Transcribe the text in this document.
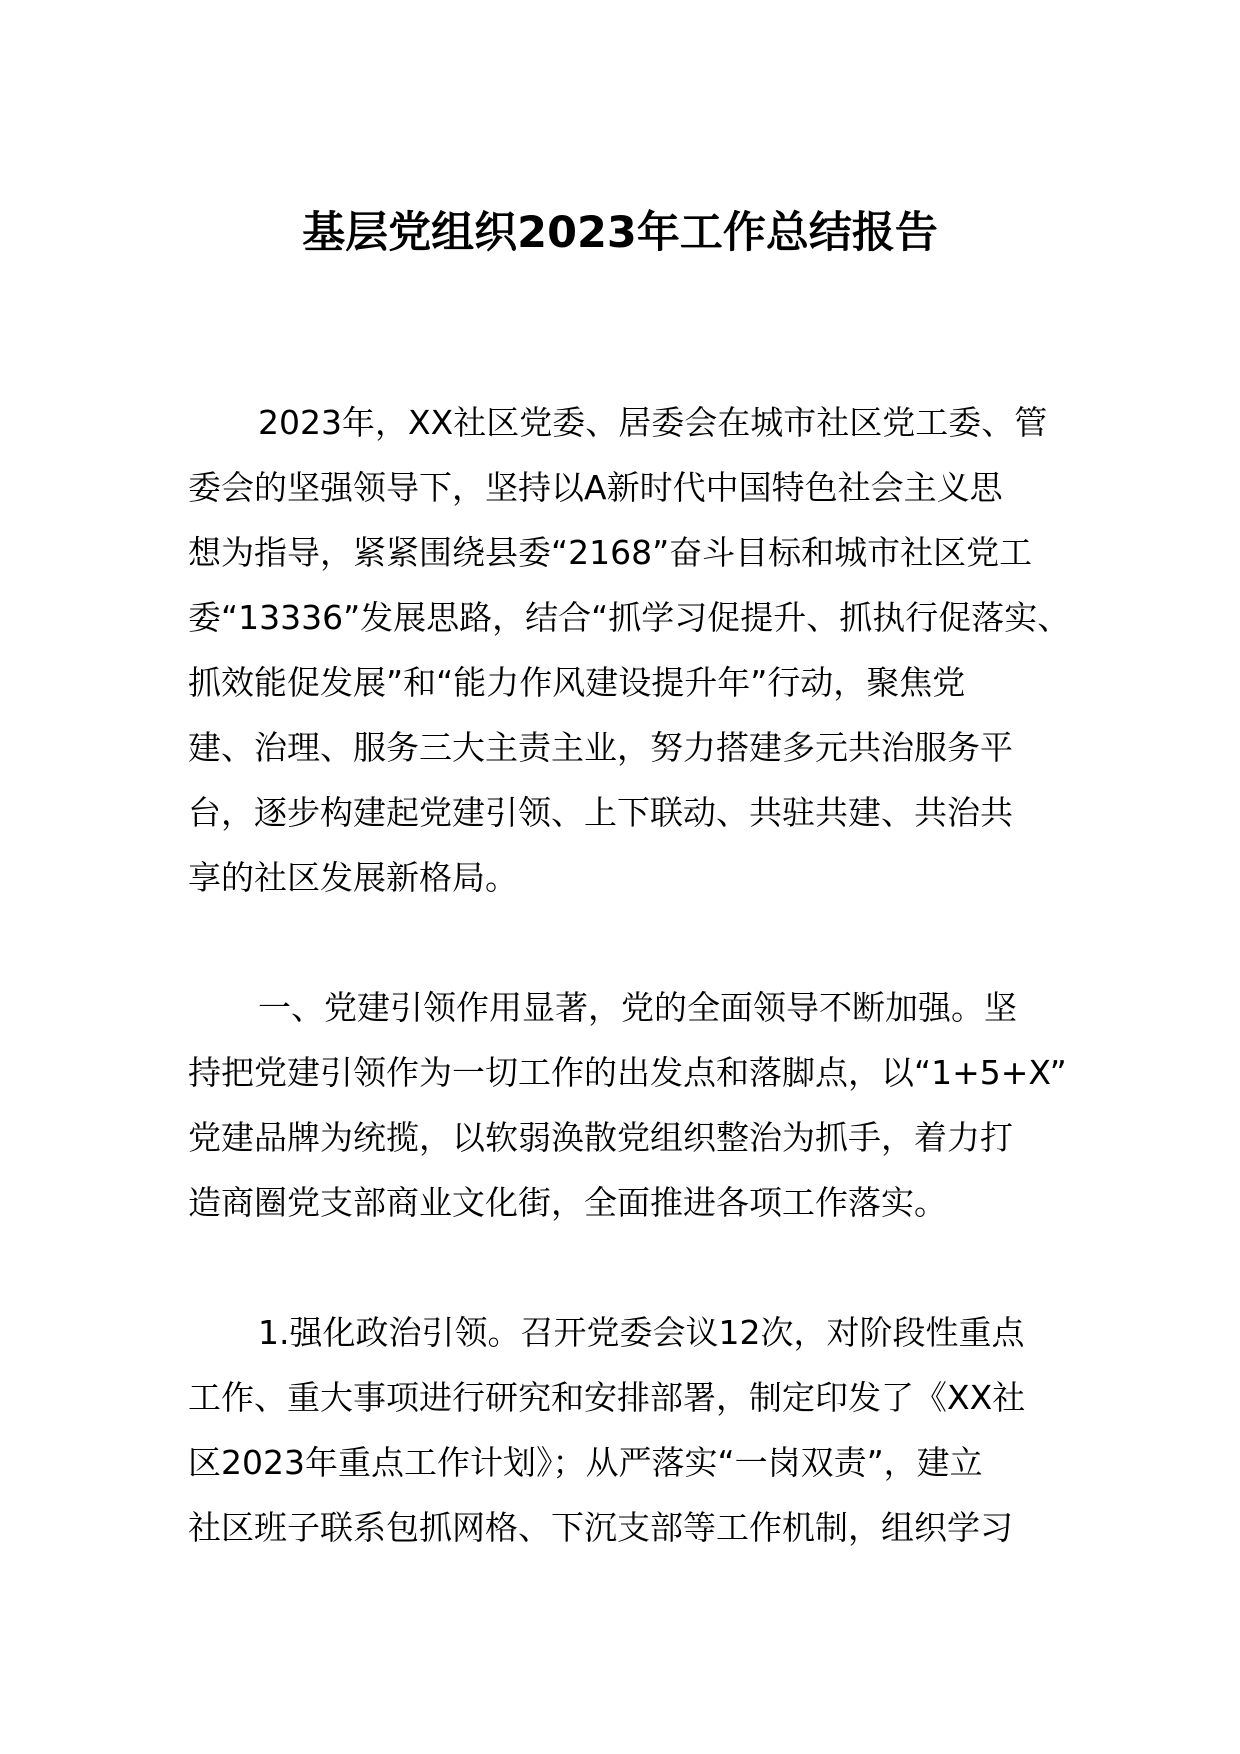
基层党组织2023年工作总结报告
2023年，XX社区党委、居委会在城市社区党工委、管
委会的坚强领导下，坚持以A新时代中国特色社会主义思
想为指导，紧紧围绕县委“2168”奋斗目标和城市社区党工
委“13336”发展思路，结合“抓学习促提升、抓执行促落实、
抓效能促发展”和“能力作风建设提升年”行动，聚焦党
建、治理、服务三大主责主业，努力搭建多元共治服务平
台，逐步构建起党建引领、上下联动、共驻共建、共治共
享的社区发展新格局。
一、党建引领作用显著，党的全面领导不断加强。坚
持把党建引领作为一切工作的出发点和落脚点，以“1+5+X”
党建品牌为统揽，以软弱涣散党组织整治为抓手，着力打
造商圈党支部商业文化街，全面推进各项工作落实。
1.强化政治引领。召开党委会议12次，对阶段性重点
工作、重大事项进行研究和安排部署，制定印发了《XX社
区2023年重点工作计划》；从严落实“一岗双责”，建立
社区班子联系包抓网格、下沉支部等工作机制，组织学习
